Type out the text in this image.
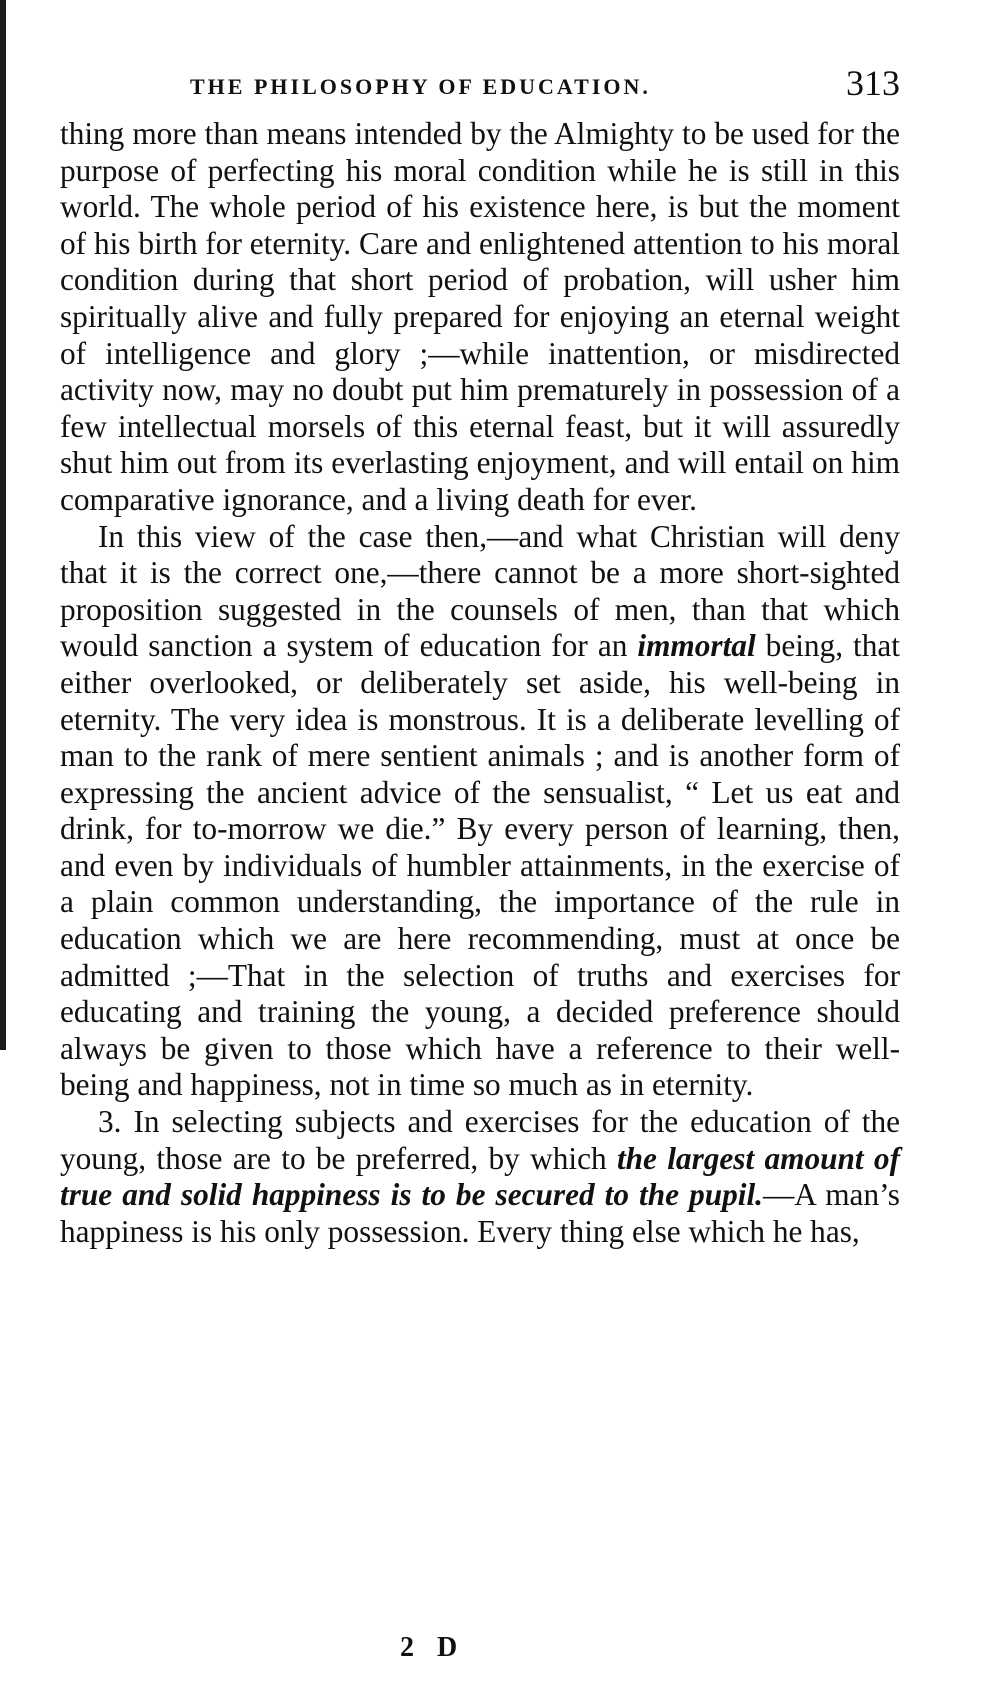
THE PHILOSOPHY OF EDUCATION.	313

thing more than means intended by the Almighty to be used for the purpose of perfecting his moral condition while he is still in this world. The whole period of his existence here, is but the moment of his birth for eternity. Care and enlightened attention to his moral condition during that short period of probation, will usher him spiritually alive and fully prepared for enjoying an eternal weight of intelligence and glory ;—while inattention, or misdirected activity now, may no doubt put him prematurely in possession of a few intellectual morsels of this eternal feast, but it will assuredly shut him out from its everlasting enjoyment, and will entail on him comparative ignorance, and a living death for ever.

In this view of the case then,—and what Christian will deny that it is the correct one,—there cannot be a more short-sighted proposition suggested in the counsels of men, than that which would sanction a system of education for an immortal being, that either overlooked, or deliberately set aside, his well-being in eternity. The very idea is monstrous. It is a deliberate levelling of man to the rank of mere sentient animals ; and is another form of expressing the ancient advice of the sensualist, “ Let us eat and drink, for to-morrow we die.” By every person of learning, then, and even by individuals of humbler attainments, in the exercise of a plain common understanding, the importance of the rule in education which we are here recommending, must at once be admitted ;—That in the selection of truths and exercises for educating and training the young, a decided preference should always be given to those which have a reference to their well-being and happiness, not in time so much as in eternity.

3. In selecting subjects and exercises for the education of the young, those are to be preferred, by which the largest amount of true and solid happiness is to be secured to the pupil.—A man’s happiness is his only possession. Every thing else which he has,

2 D
